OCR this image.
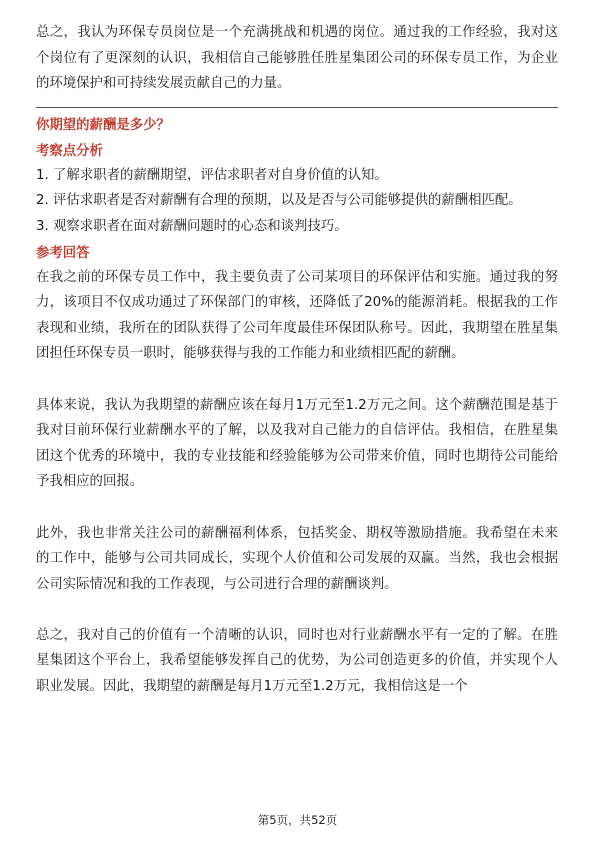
总之，我认为环保专员岗位是一个充满挑战和机遇的岗位。通过我的工作经验，我对这个岗位有了更深刻的认识，我相信自己能够胜任胜星集团公司的环保专员工作，为企业的环境保护和可持续发展贡献自己的力量。

你期望的薪酬是多少？

考察点分析

1. 了解求职者的薪酬期望，评估求职者对自身价值的认知。

2. 评估求职者是否对薪酬有合理的预期，以及是否与公司能够提供的薪酬相匹配。

3. 观察求职者在面对薪酬问题时的心态和谈判技巧。

参考回答

在我之前的环保专员工作中，我主要负责了公司某项目的环保评估和实施。通过我的努力，该项目不仅成功通过了环保部门的审核，还降低了20%的能源消耗。根据我的工作表现和业绩，我所在的团队获得了公司年度最佳环保团队称号。因此，我期望在胜星集团担任环保专员一职时，能够获得与我的工作能力和业绩相匹配的薪酬。

具体来说，我认为我期望的薪酬应该在每月1万元至1.2万元之间。这个薪酬范围是基于我对目前环保行业薪酬水平的了解，以及我对自己能力的自信评估。我相信，在胜星集团这个优秀的环境中，我的专业技能和经验能够为公司带来价值，同时也期待公司能给予我相应的回报。

此外，我也非常关注公司的薪酬福利体系，包括奖金、期权等激励措施。我希望在未来的工作中，能够与公司共同成长，实现个人价值和公司发展的双赢。当然，我也会根据公司实际情况和我的工作表现，与公司进行合理的薪酬谈判。

总之，我对自己的价值有一个清晰的认识，同时也对行业薪酬水平有一定的了解。在胜星集团这个平台上，我希望能够发挥自己的优势，为公司创造更多的价值，并实现个人职业发展。因此，我期望的薪酬是每月1万元至1.2万元，我相信这是一个

第5页，共52页
